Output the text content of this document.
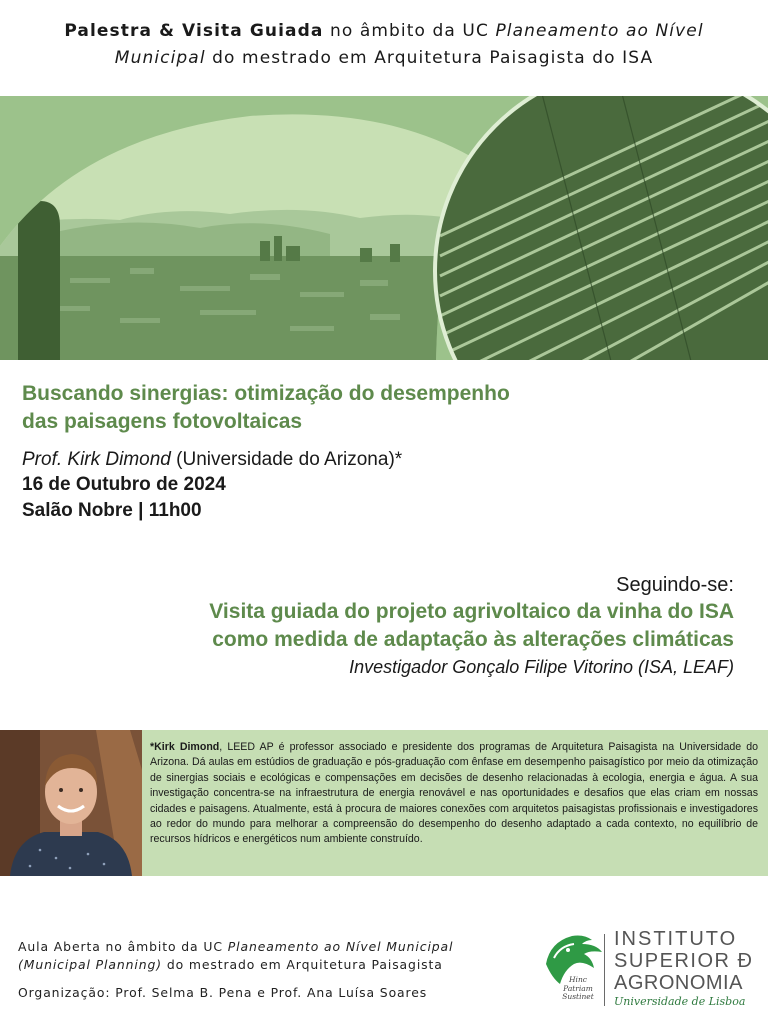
Palestra & Visita Guiada no âmbito da UC Planeamento ao Nível
Municipal do mestrado em Arquitetura Paisagista do ISA
Buscando sinergias: otimização do desempenho
das paisagens fotovoltaicas
Prof. Kirk Dimond (Universidade do Arizona)*
16 de Outubro de 2024
Salão Nobre | 11h00
Seguindo-se:
Visita guiada do projeto agrivoltaico da vinha do ISA
como medida de adaptação às alterações climáticas
Investigador Gonçalo Filipe Vitorino (ISA, LEAF)
*Kirk Dimond, LEED AP é professor associado e presidente dos programas de Arquitetura Paisagista na Universidade do Arizona. Dá aulas em estúdios de graduação e pós-graduação com ênfase em desempenho paisagístico por meio da otimização de sinergias sociais e ecológicas e compensações em decisões de desenho relacionadas à ecologia, energia e água. A sua investigação concentra-se na infraestrutura de energia renovável e nas oportunidades e desafios que elas criam em nossas cidades e paisagens. Atualmente, está à procura de maiores conexões com arquitetos paisagistas profissionais e investigadores ao redor do mundo para melhorar a compreensão do desempenho do desenho adaptado a cada contexto, no equilíbrio de recursos hídricos e energéticos num ambiente construído.
Aula Aberta no âmbito da UC Planeamento ao Nível Municipal
(Municipal Planning) do mestrado em Arquitetura Paisagista
Organização: Prof. Selma B. Pena e Prof. Ana Luísa Soares
Hinc
Patriam
Sustinet
INSTITUTO
SUPERIOR Ð
AGRONOMIA
Universidade de Lisboa
